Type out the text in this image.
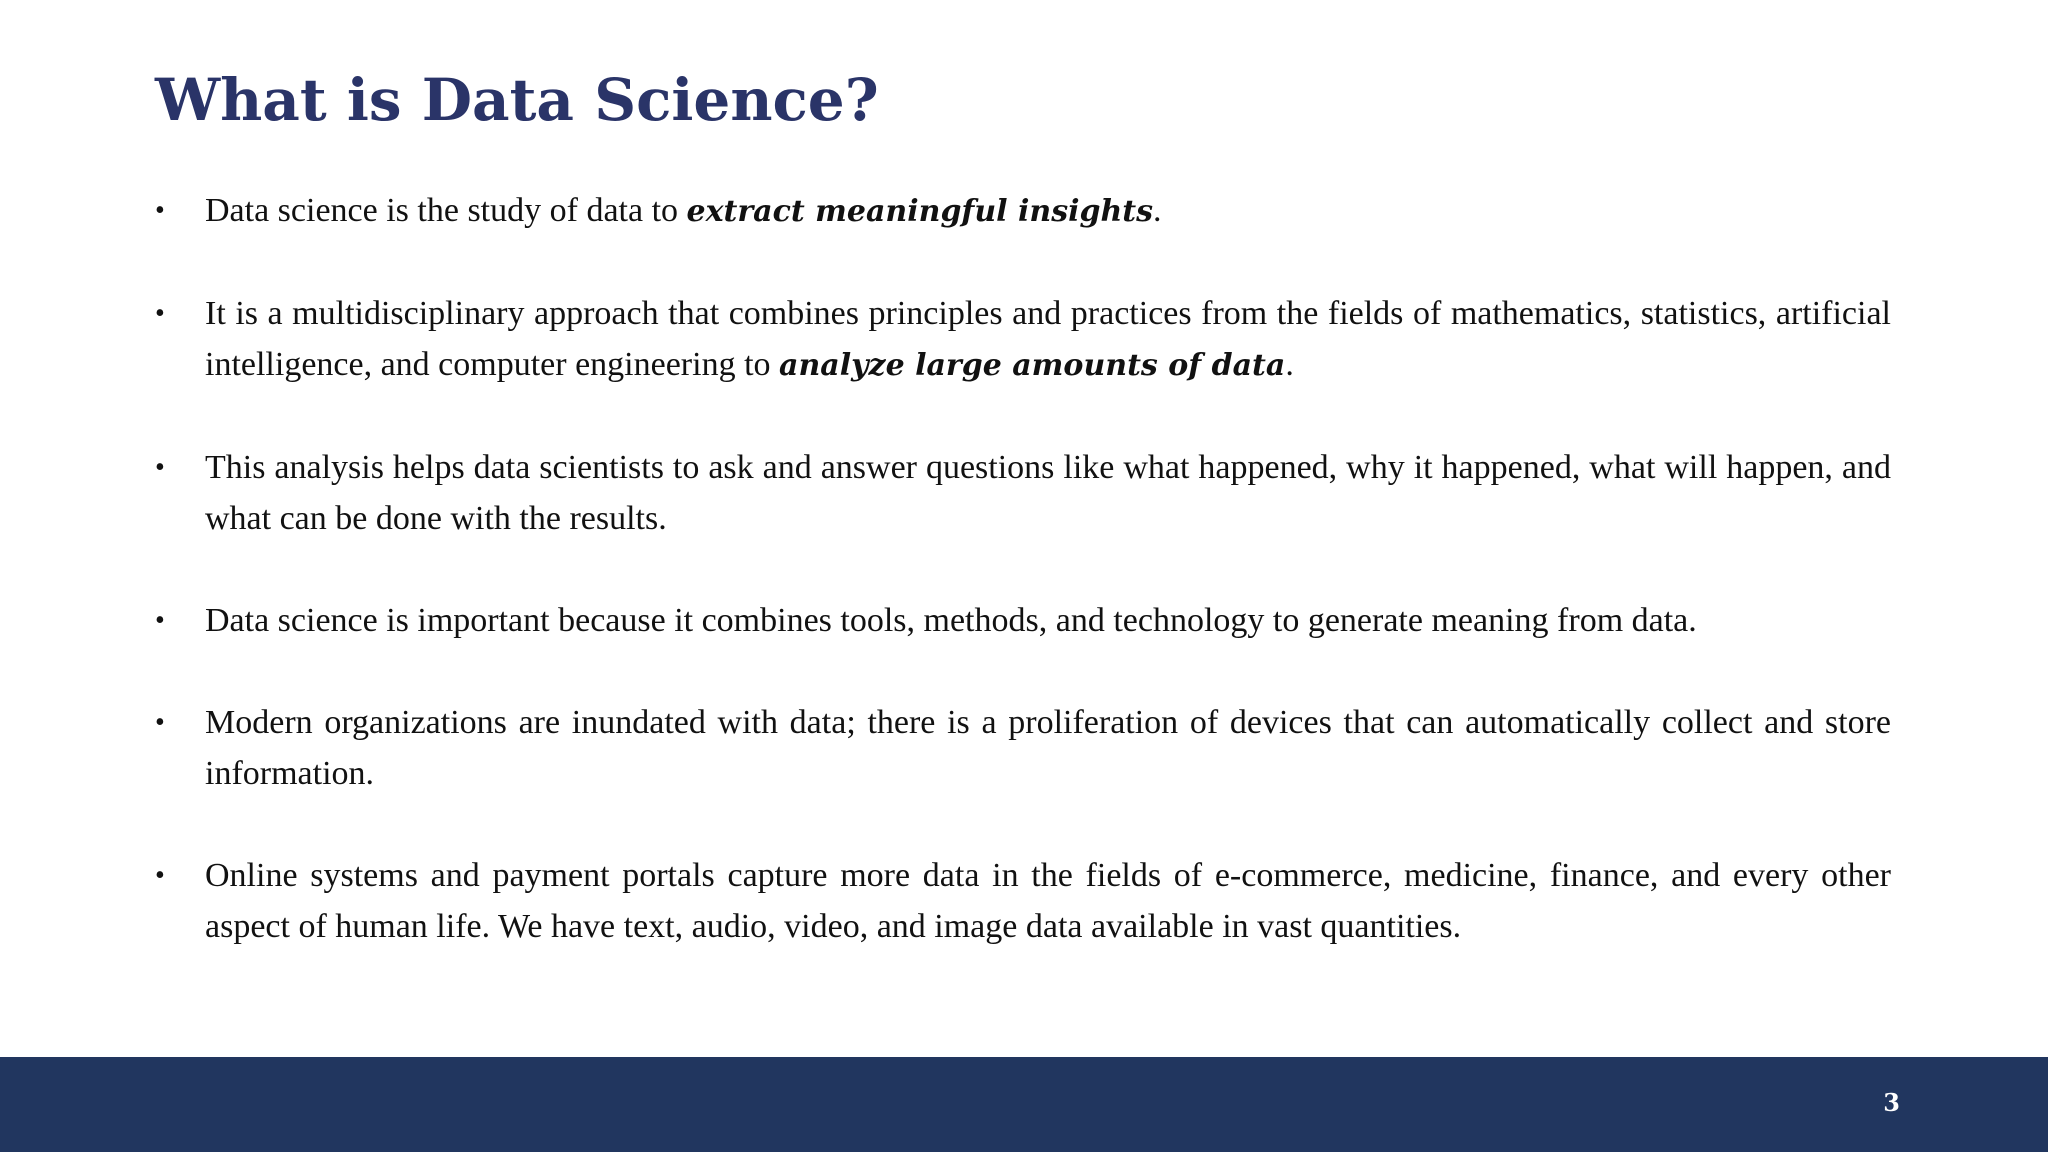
What is Data Science?
• Data science is the study of data to extract meaningful insights.
• It is a multidisciplinary approach that combines principles and practices from the fields of mathematics, statistics, artificial intelligence, and computer engineering to analyze large amounts of data.
• This analysis helps data scientists to ask and answer questions like what happened, why it happened, what will happen, and what can be done with the results.
• Data science is important because it combines tools, methods, and technology to generate meaning from data.
• Modern organizations are inundated with data; there is a proliferation of devices that can automatically collect and store information.
• Online systems and payment portals capture more data in the fields of e-commerce, medicine, finance, and every other aspect of human life. We have text, audio, video, and image data available in vast quantities.
3
